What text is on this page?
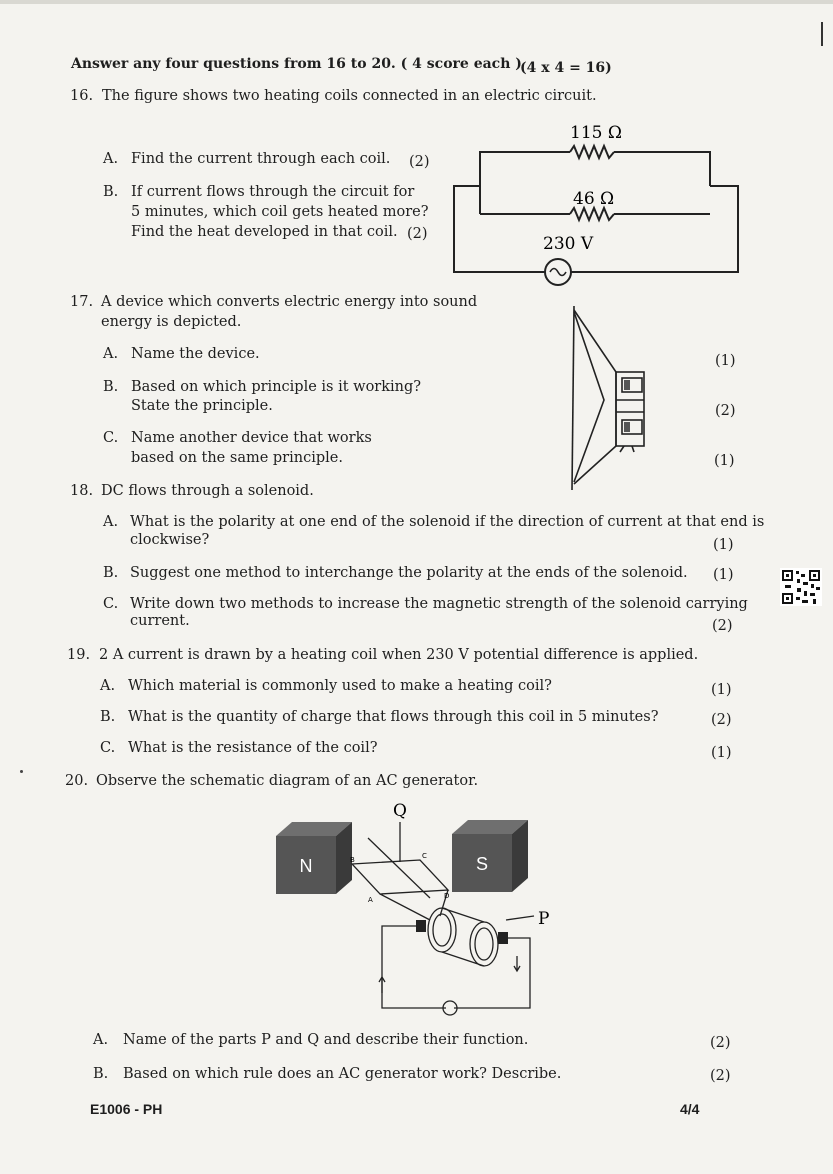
Answer any four questions from 16 to 20. ( 4 score each )
(4 x 4 = 16)
16. The figure shows two heating coils connected in an electric circuit.
A. Find the current through each coil. (2)
B. If current flows through the circuit for
5 minutes, which coil gets heated more?
Find the heat developed in that coil. (2)
115 Ω
46 Ω
230 V
17. A device which converts electric energy into sound
energy is depicted.
A. Name the device.	(1)
B. Based on which principle is it working?
State the principle.	(2)
C. Name another device that works
based on the same principle.	(1)
18. DC flows through a solenoid.
A. What is the polarity at one end of the solenoid if the direction of current at that end is
clockwise?	(1)
B. Suggest one method to interchange the polarity at the ends of the solenoid. (1)
C. Write down two methods to increase the magnetic strength of the solenoid carrying
current.	(2)
19. 2 A current is drawn by a heating coil when 230 V potential difference is applied.
A. Which material is commonly used to make a heating coil?	(1)
B. What is the quantity of charge that flows through this coil in 5 minutes?	(2)
C. What is the resistance of the coil?	(1)
20. Observe the schematic diagram of an AC generator.
N	S
Q
P
A
B	C
D
A. Name of the parts P and Q and describe their function.	(2)
B. Based on which rule does an AC generator work? Describe.	(2)
E1006 - PH	4/4
